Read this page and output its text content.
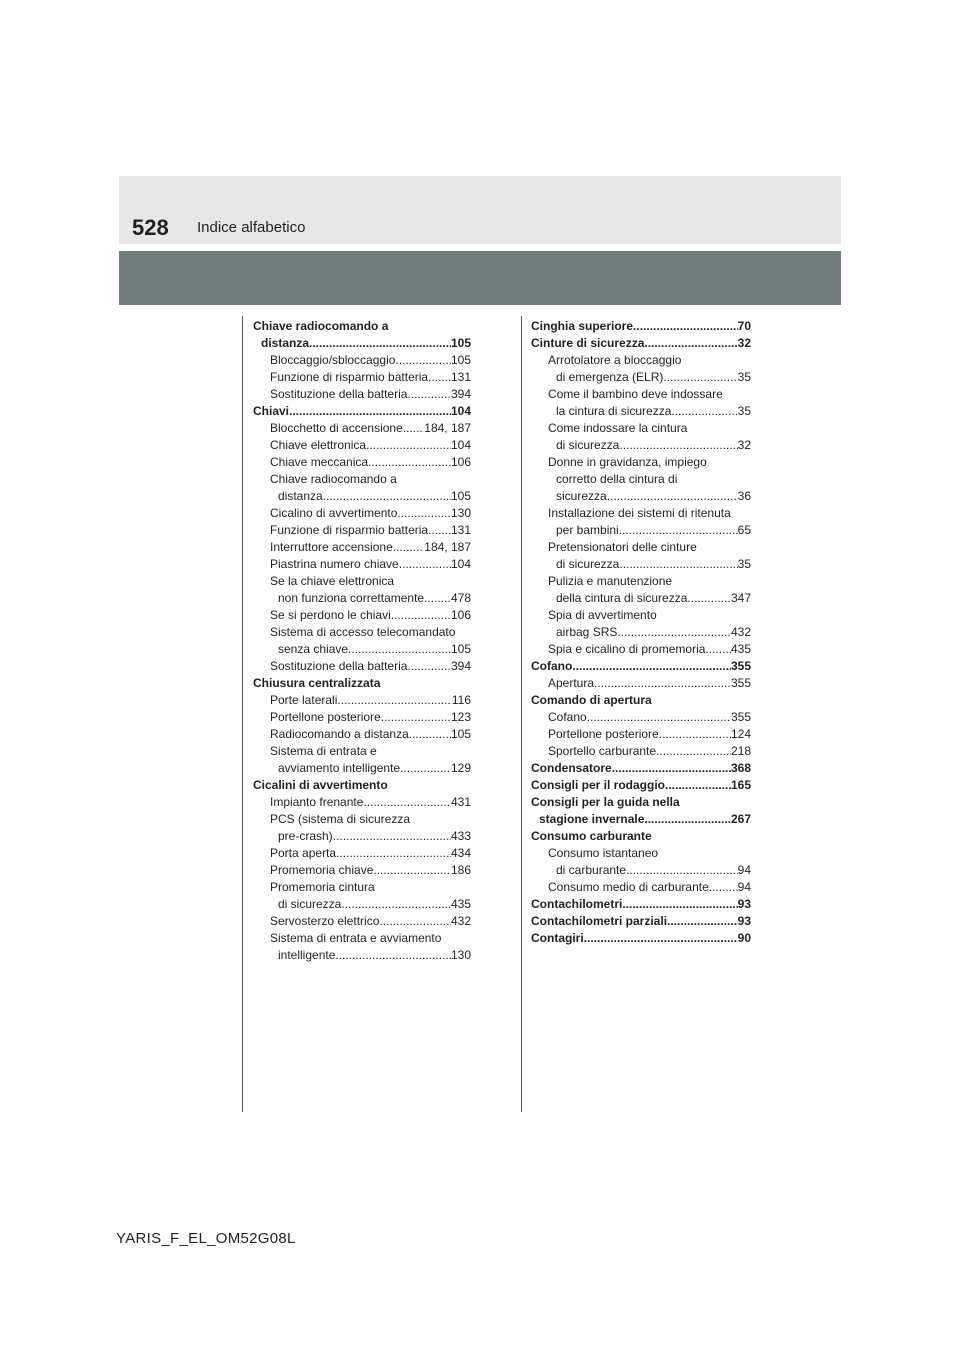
528 Indice alfabetico
Chiave radiocomando a
distanza .....	105
Bloccaggio/sbloccaggio .....	105
Funzione di risparmio batteria ..... 131
Sostituzione della batteria .....	394
Chiavi .....	104
Blocchetto di accensione ..... 184, 187
Chiave elettronica .....	104
Chiave meccanica .....	106
Chiave radiocomando a
distanza .....	105
Cicalino di avvertimento .....	130
Funzione di risparmio batteria ..... 131
Interruttore accensione .....	184, 187
Piastrina numero chiave .....	104
Se la chiave elettronica
non funziona correttamente ..... 478
Se si perdono le chiavi .....	106
Sistema di accesso telecomandato
senza chiave .....	105
Sostituzione della batteria .....	394
Chiusura centralizzata
Porte laterali .....	116
Portellone posteriore .....	123
Radiocomando a distanza .....	105
Sistema di entrata e
avviamento intelligente .....	129
Cicalini di avvertimento
Impianto frenante .....	431
PCS (sistema di sicurezza
pre-crash) .....	433
Porta aperta .....	434
Promemoria chiave .....	186
Promemoria cintura
di sicurezza .....	435
Servosterzo elettrico .....	432
Sistema di entrata e avviamento
intelligente .....	130
Cinghia superiore .....	70
Cinture di sicurezza .....	32
Arrotolatore a bloccaggio
di emergenza (ELR) .....	35
Come il bambino deve indossare
la cintura di sicurezza .....	35
Come indossare la cintura
di sicurezza .....	32
Donne in gravidanza, impiego
corretto della cintura di
sicurezza .....	36
Installazione dei sistemi di ritenuta
per bambini .....	65
Pretensionatori delle cinture
di sicurezza .....	35
Pulizia e manutenzione
della cintura di sicurezza .....	347
Spia di avvertimento
airbag SRS .....	432
Spia e cicalino di promemoria ..... 435
Cofano .....	355
Apertura .....	355
Comando di apertura
Cofano .....	355
Portellone posteriore .....	124
Sportello carburante .....	218
Condensatore .....	368
Consigli per il rodaggio .....	165
Consigli per la guida nella
stagione invernale .....	267
Consumo carburante
Consumo istantaneo
di carburante .....	94
Consumo medio di carburante ..... 94
Contachilometri .....	93
Contachilometri parziali .....	93
Contagiri .....	90
YARIS_F_EL_OM52G08L
